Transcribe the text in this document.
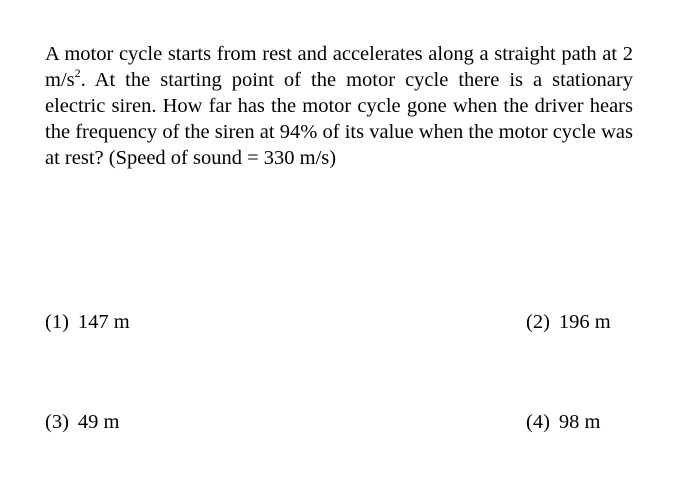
A motor cycle starts from rest and accelerates along a straight path at 2 $m/s^2$. At the starting point of the motor cycle there is a stationary electric siren. How far has the motor cycle gone when the driver hears the frequency of the siren at 94% of its value when the motor cycle was at rest? (Speed of sound = 330 m/s)

(1) 147 m	(2) 196 m
(3) 49 m	(4) 98 m
